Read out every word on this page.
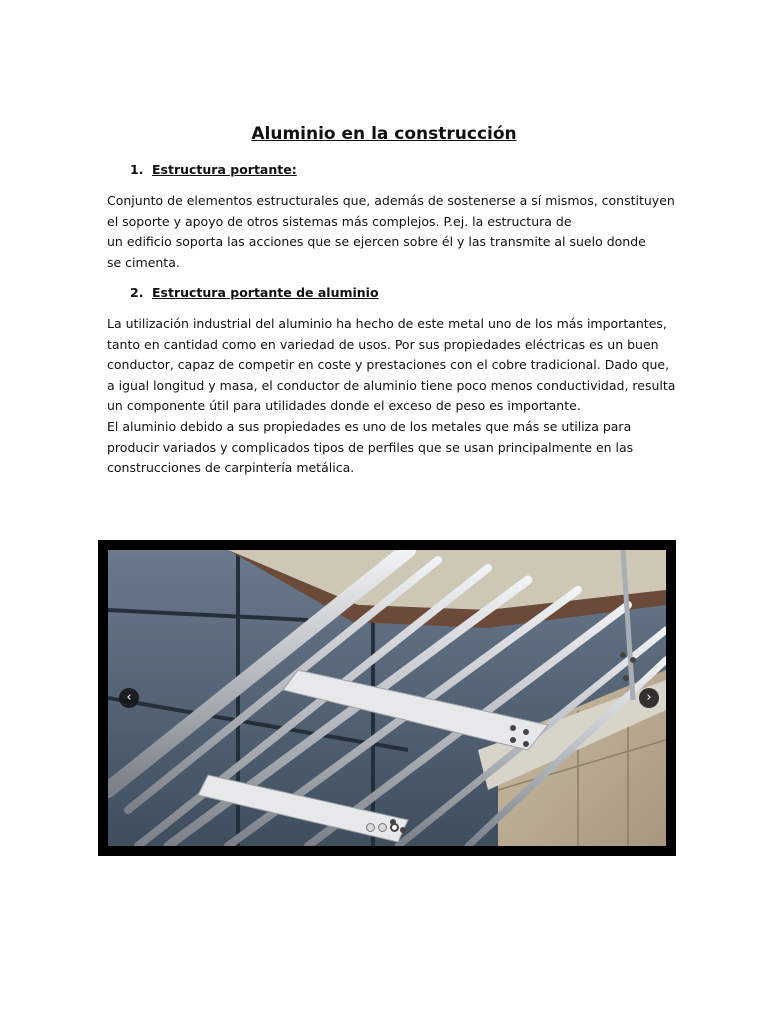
Aluminio en la construcción
1. Estructura portante:

Conjunto de elementos estructurales que, además de sostenerse a sí mismos, constituyen
el soporte y apoyo de otros sistemas más complejos. P.ej. la estructura de
un edificio soporta las acciones que se ejercen sobre él y las transmite al suelo donde
se cimenta.

2. Estructura portante de aluminio

La utilización industrial del aluminio ha hecho de este metal uno de los más importantes,
tanto en cantidad como en variedad de usos. Por sus propiedades eléctricas es un buen
conductor, capaz de competir en coste y prestaciones con el cobre tradicional. Dado que,
a igual longitud y masa, el conductor de aluminio tiene poco menos conductividad, resulta
un componente útil para utilidades donde el exceso de peso es importante.
El aluminio debido a sus propiedades es uno de los metales que más se utiliza para
producir variados y complicados tipos de perfiles que se usan principalmente en las
construcciones de carpintería metálica.

‹	›
